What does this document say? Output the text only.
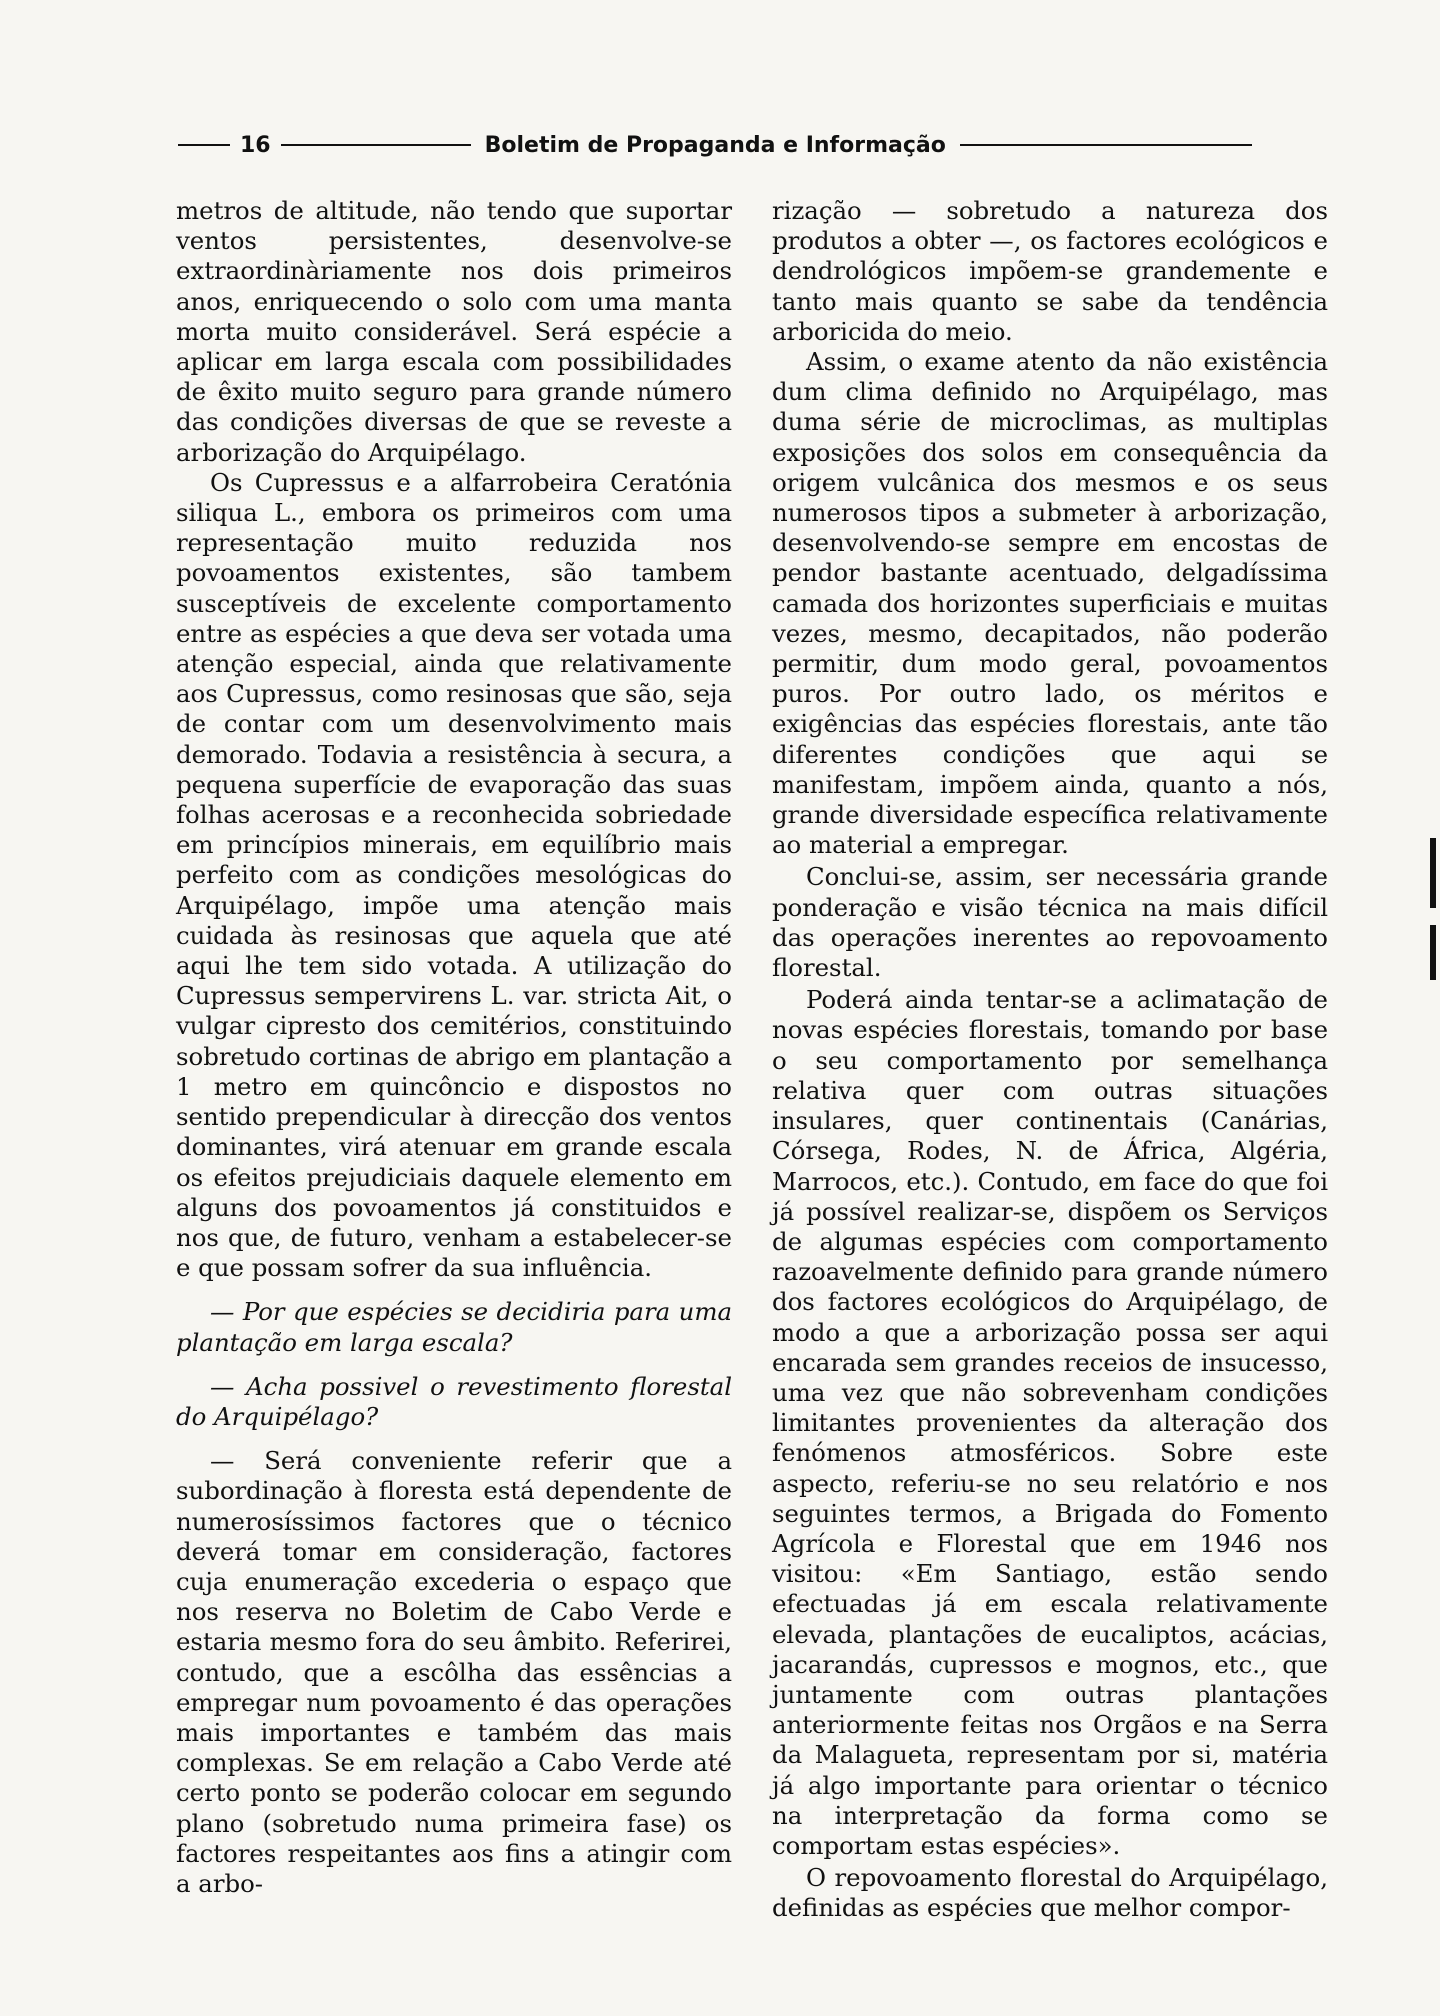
16	Boletim de Propaganda e Informação

metros de altitude, não tendo que suportar ventos persistentes, desenvolve-se extraordinàriamente nos dois primeiros anos, enriquecendo o solo com uma manta morta muito considerável. Será espécie a aplicar em larga escala com possibilidades de êxito muito seguro para grande número das condições diversas de que se reveste a arborização do Arquipélago.

Os Cupressus e a alfarrobeira Ceratónia siliqua L., embora os primeiros com uma representação muito reduzida nos povoamentos existentes, são tambem susceptíveis de excelente comportamento entre as espécies a que deva ser votada uma atenção especial, ainda que relativamente aos Cupressus, como resinosas que são, seja de contar com um desenvolvimento mais demorado. Todavia a resistência à secura, a pequena superfície de evaporação das suas folhas acerosas e a reconhecida sobriedade em princípios minerais, em equilíbrio mais perfeito com as condições mesológicas do Arquipélago, impõe uma atenção mais cuidada às resinosas que aquela que até aqui lhe tem sido votada. A utilização do Cupressus sempervirens L. var. stricta Ait, o vulgar cipresto dos cemitérios, constituindo sobretudo cortinas de abrigo em plantação a 1 metro em quincôncio e dispostos no sentido prependicular à direcção dos ventos dominantes, virá atenuar em grande escala os efeitos prejudiciais daquele elemento em alguns dos povoamentos já constituidos e nos que, de futuro, venham a estabelecer-se e que possam sofrer da sua influência.

— Por que espécies se decidiria para uma plantação em larga escala?

— Acha possivel o revestimento florestal do Arquipélago?

— Será conveniente referir que a subordinação à floresta está dependente de numerosíssimos factores que o técnico deverá tomar em consideração, factores cuja enumeração excederia o espaço que nos reserva no Boletim de Cabo Verde e estaria mesmo fora do seu âmbito. Referirei, contudo, que a escôlha das essências a empregar num povoamento é das operações mais importantes e também das mais complexas. Se em relação a Cabo Verde até certo ponto se poderão colocar em segundo plano (sobretudo numa primeira fase) os factores respeitantes aos fins a atingir com a arbo-

rização — sobretudo a natureza dos produtos a obter —, os factores ecológicos e dendrológicos impõem-se grandemente e tanto mais quanto se sabe da tendência arboricida do meio.

Assim, o exame atento da não existência dum clima definido no Arquipélago, mas duma série de microclimas, as multiplas exposições dos solos em consequência da origem vulcânica dos mesmos e os seus numerosos tipos a submeter à arborização, desenvolvendo-se sempre em encostas de pendor bastante acentuado, delgadíssima camada dos horizontes superficiais e muitas vezes, mesmo, decapitados, não poderão permitir, dum modo geral, povoamentos puros. Por outro lado, os méritos e exigências das espécies florestais, ante tão diferentes condições que aqui se manifestam, impõem ainda, quanto a nós, grande diversidade específica relativamente ao material a empregar.

Conclui-se, assim, ser necessária grande ponderação e visão técnica na mais difícil das operações inerentes ao repovoamento florestal.

Poderá ainda tentar-se a aclimatação de novas espécies florestais, tomando por base o seu comportamento por semelhança relativa quer com outras situações insulares, quer continentais (Canárias, Córsega, Rodes, N. de África, Algéria, Marrocos, etc.). Contudo, em face do que foi já possível realizar-se, dispõem os Serviços de algumas espécies com comportamento razoavelmente definido para grande número dos factores ecológicos do Arquipélago, de modo a que a arborização possa ser aqui encarada sem grandes receios de insucesso, uma vez que não sobrevenham condições limitantes provenientes da alteração dos fenómenos atmosféricos. Sobre este aspecto, referiu-se no seu relatório e nos seguintes termos, a Brigada do Fomento Agrícola e Florestal que em 1946 nos visitou: «Em Santiago, estão sendo efectuadas já em escala relativamente elevada, plantações de eucaliptos, acácias, jacarandás, cupressos e mognos, etc., que juntamente com outras plantações anteriormente feitas nos Orgãos e na Serra da Malagueta, representam por si, matéria já algo importante para orientar o técnico na interpretação da forma como se comportam estas espécies».

O repovoamento florestal do Arquipélago, definidas as espécies que melhor compor-
